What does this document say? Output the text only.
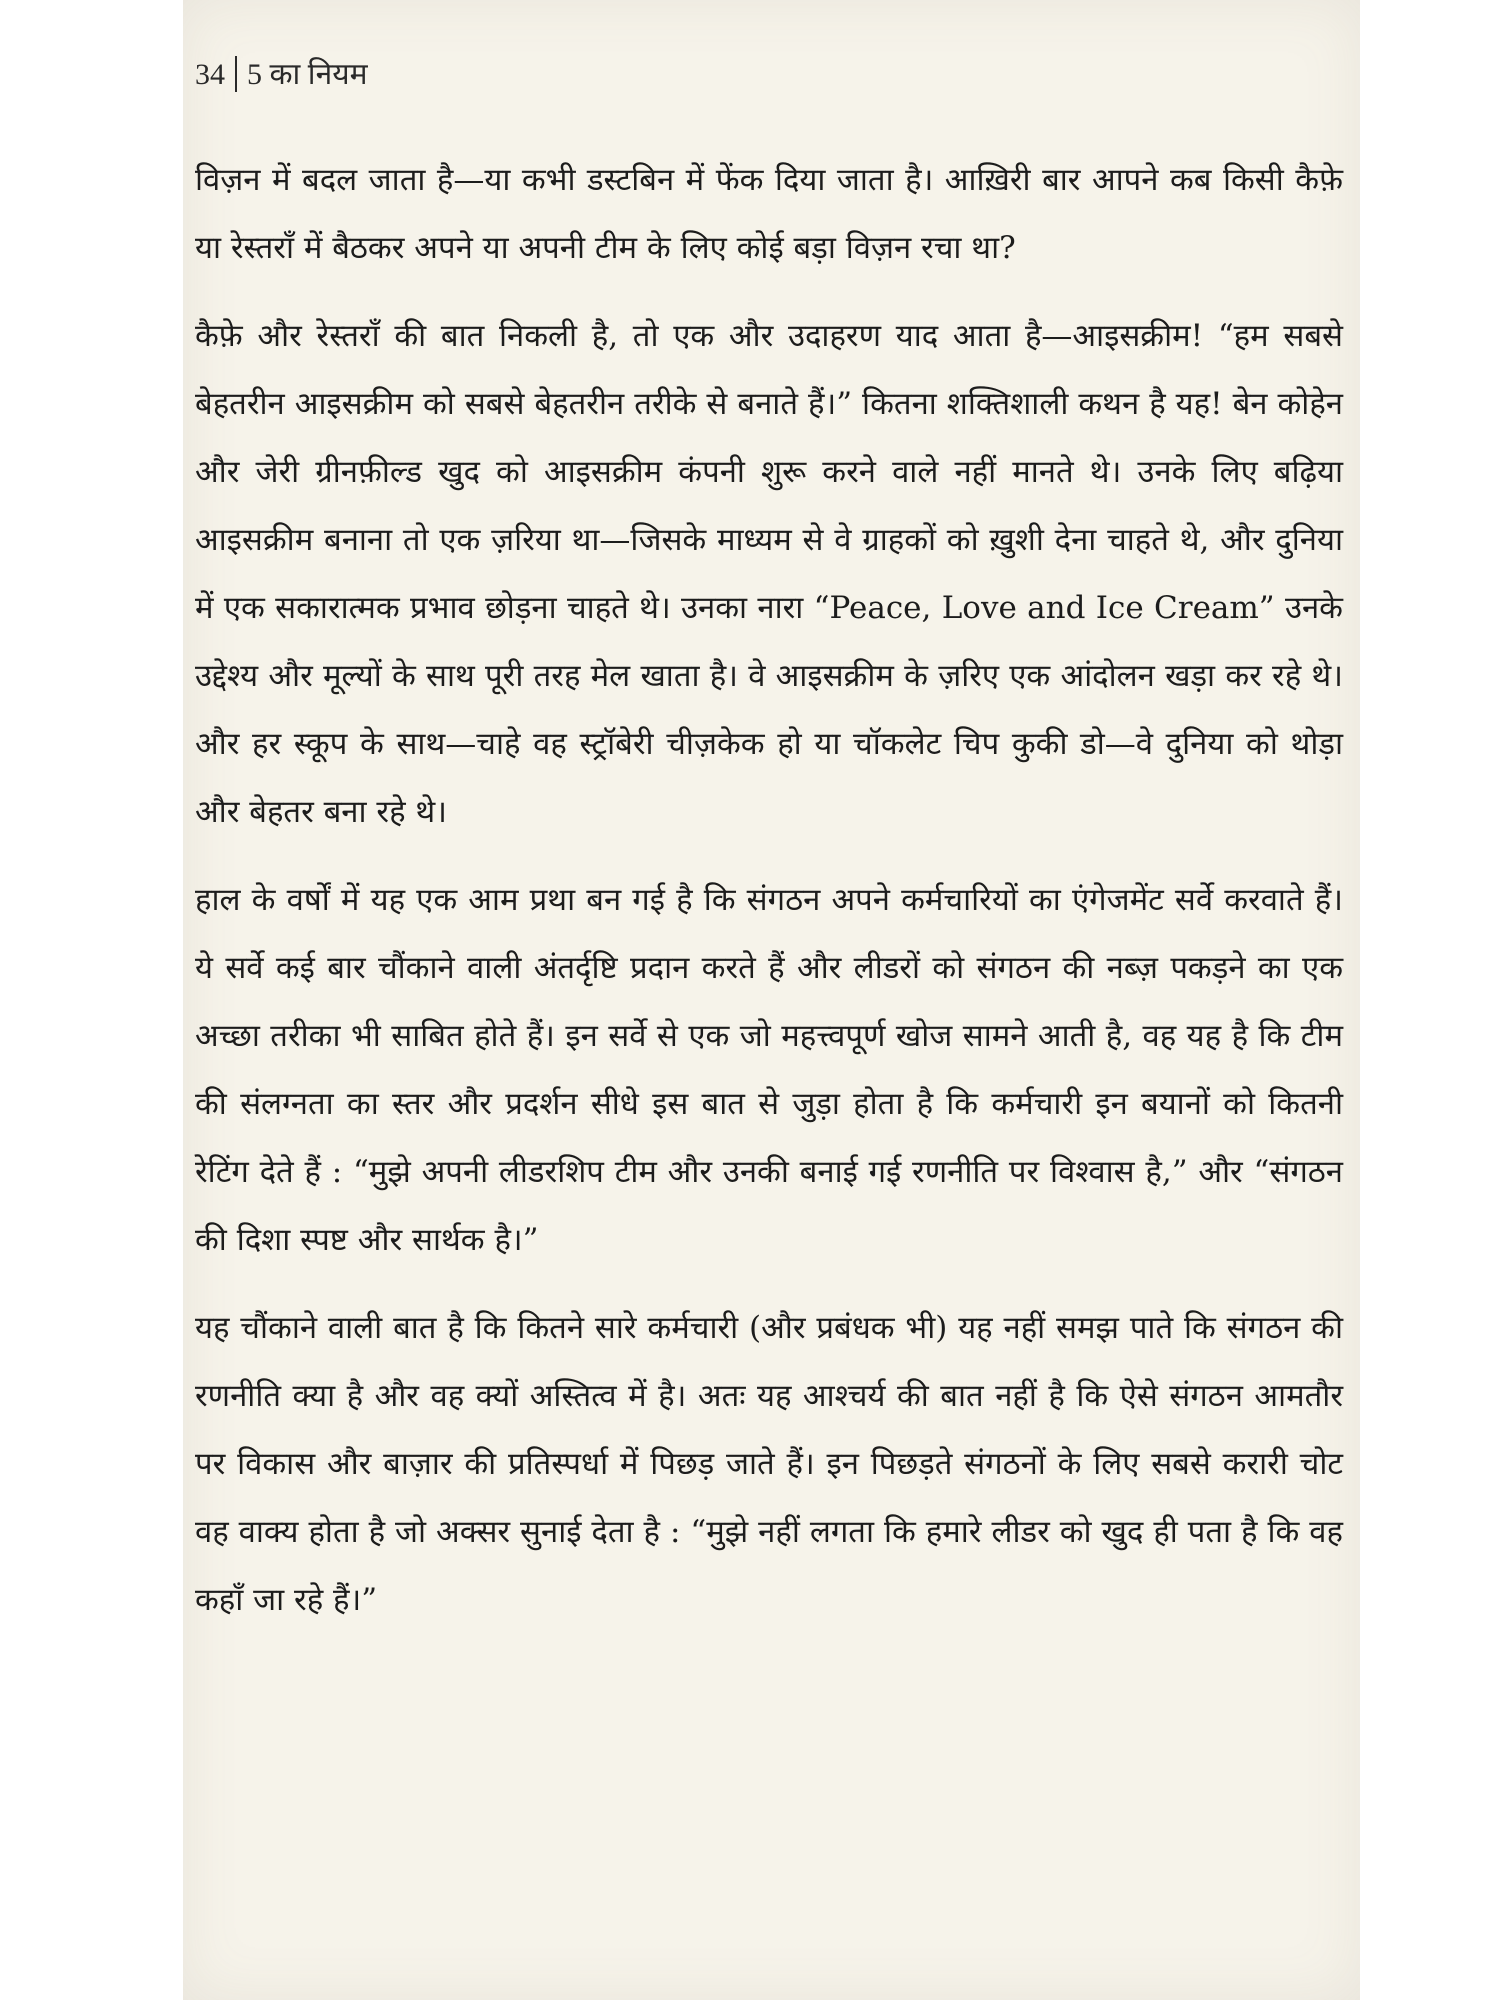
34 5 का नियम

विज़न में बदल जाता है—या कभी डस्टबिन में फेंक दिया जाता है। आख़िरी बार आपने कब किसी कैफ़े या रेस्तराँ में बैठकर अपने या अपनी टीम के लिए कोई बड़ा विज़न रचा था?

कैफ़े और रेस्तराँ की बात निकली है, तो एक और उदाहरण याद आता है—आइसक्रीम! “हम सबसे बेहतरीन आइसक्रीम को सबसे बेहतरीन तरीके से बनाते हैं।” कितना शक्तिशाली कथन है यह! बेन कोहेन और जेरी ग्रीनफ़ील्ड खुद को आइसक्रीम कंपनी शुरू करने वाले नहीं मानते थे। उनके लिए बढ़िया आइसक्रीम बनाना तो एक ज़रिया था—जिसके माध्यम से वे ग्राहकों को ख़ुशी देना चाहते थे, और दुनिया में एक सकारात्मक प्रभाव छोड़ना चाहते थे। उनका नारा “Peace, Love and Ice Cream” उनके उद्देश्य और मूल्यों के साथ पूरी तरह मेल खाता है। वे आइसक्रीम के ज़रिए एक आंदोलन खड़ा कर रहे थे। और हर स्कूप के साथ—चाहे वह स्ट्रॉबेरी चीज़केक हो या चॉकलेट चिप कुकी डो—वे दुनिया को थोड़ा और बेहतर बना रहे थे।

हाल के वर्षों में यह एक आम प्रथा बन गई है कि संगठन अपने कर्मचारियों का एंगेजमेंट सर्वे करवाते हैं। ये सर्वे कई बार चौंकाने वाली अंतर्दृष्टि प्रदान करते हैं और लीडरों को संगठन की नब्ज़ पकड़ने का एक अच्छा तरीका भी साबित होते हैं। इन सर्वे से एक जो महत्त्वपूर्ण खोज सामने आती है, वह यह है कि टीम की संलग्नता का स्तर और प्रदर्शन सीधे इस बात से जुड़ा होता है कि कर्मचारी इन बयानों को कितनी रेटिंग देते हैं : “मुझे अपनी लीडरशिप टीम और उनकी बनाई गई रणनीति पर विश्वास है,” और “संगठन की दिशा स्पष्ट और सार्थक है।”

यह चौंकाने वाली बात है कि कितने सारे कर्मचारी (और प्रबंधक भी) यह नहीं समझ पाते कि संगठन की रणनीति क्या है और वह क्यों अस्तित्व में है। अतः यह आश्चर्य की बात नहीं है कि ऐसे संगठन आमतौर पर विकास और बाज़ार की प्रतिस्पर्धा में पिछड़ जाते हैं। इन पिछड़ते संगठनों के लिए सबसे करारी चोट वह वाक्य होता है जो अक्सर सुनाई देता है : “मुझे नहीं लगता कि हमारे लीडर को खुद ही पता है कि वह कहाँ जा रहे हैं।”
